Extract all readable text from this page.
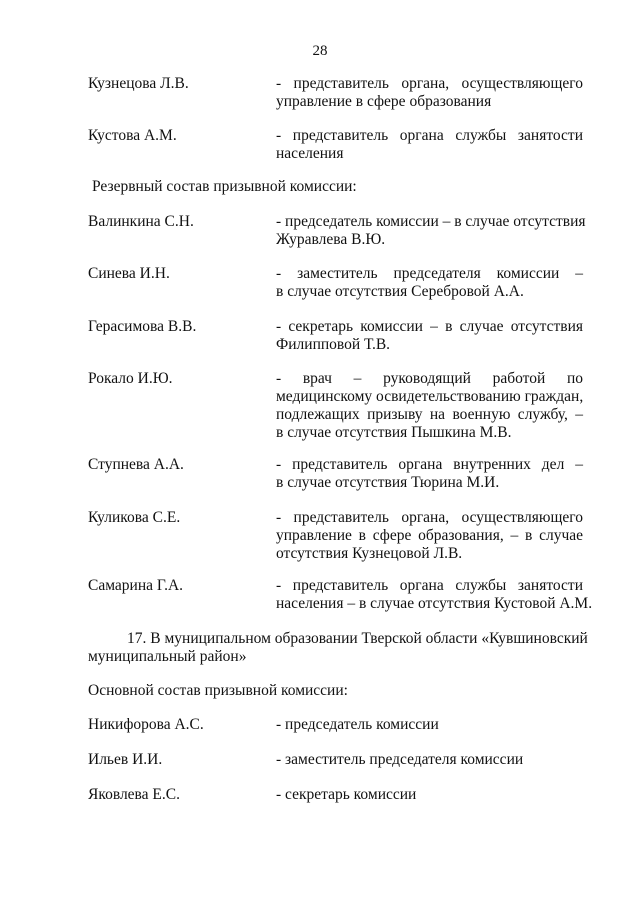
28
Кузнецова Л.В.	- представитель органа, осуществляющего
управление в сфере образования
Кустова А.М.	- представитель органа службы занятости
населения
Резервный состав призывной комиссии:
Валинкина С.Н.	- председатель комиссии – в случае отсутствия
Журавлева В.Ю.
Синева И.Н.	- заместитель председателя комиссии –
в случае отсутствия Серебровой А.А.
Герасимова В.В.	- секретарь комиссии – в случае отсутствия
Филипповой Т.В.
Рокало И.Ю.	- врач – руководящий работой по
медицинскому освидетельствованию граждан,
подлежащих призыву на военную службу, –
в случае отсутствия Пышкина М.В.
Ступнева А.А.	- представитель органа внутренних дел –
в случае отсутствия Тюрина М.И.
Куликова С.Е.	- представитель органа, осуществляющего
управление в сфере образования, – в случае
отсутствия Кузнецовой Л.В.
Самарина Г.А.	- представитель органа службы занятости
населения – в случае отсутствия Кустовой А.М.
17. В муниципальном образовании Тверской области «Кувшиновский
муниципальный район»
Основной состав призывной комиссии:
Никифорова А.С.	- председатель комиссии
Ильев И.И.	- заместитель председателя комиссии
Яковлева Е.С.	- секретарь комиссии
